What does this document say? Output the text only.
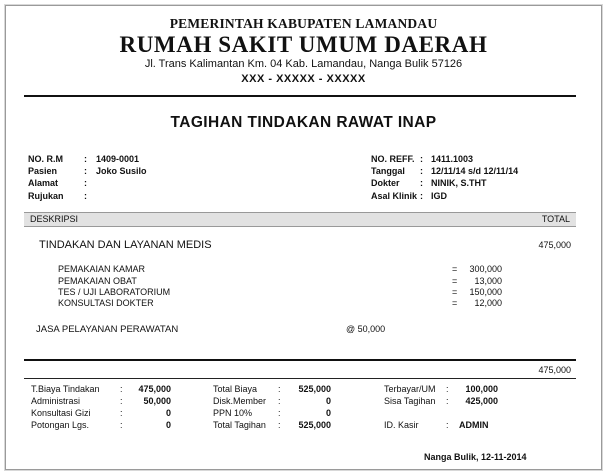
PEMERINTAH KABUPATEN LAMANDAU
RUMAH SAKIT UMUM DAERAH
Jl. Trans Kalimantan Km. 04 Kab. Lamandau, Nanga Bulik 57126
XXX - XXXXX - XXXXX
TAGIHAN TINDAKAN RAWAT INAP
NO. R.M : 1409-0001
Pasien	: Joko Susilo
Alamat	:
Rujukan :
NO. REFF. : 1411.1003
Tanggal : 12/11/14 s/d 12/11/14
Dokter : NINIK, S.THT
Asal Klinik : IGD
DESKRIPSI	TOTAL
TINDAKAN DAN LAYANAN MEDIS	475,000
PEMAKAIAN KAMAR	=	300,000
PEMAKAIAN OBAT	=	13,000
TES / UJI LABORATORIUM	=	150,000
KONSULTASI DOKTER	=	12,000
JASA PELAYANAN PERAWATAN	@ 50,000
475,000
T.Biaya Tindakan :	475,000
Administrasi	:	50,000
Konsultasi Gizi	:	0
Potongan Lgs.	:	0
Total Biaya :	525,000
Disk.Member :	0
PPN 10%	:	0
Total Tagihan :	525,000
Terbayar/UM :	100,000
Sisa Tagihan :	425,000
ID. Kasir	: ADMIN
Nanga Bulik, 12-11-2014
